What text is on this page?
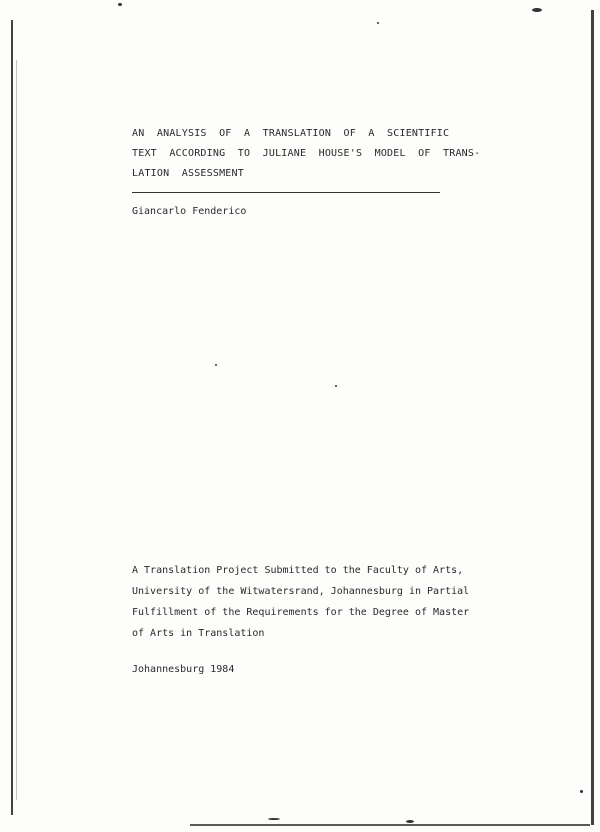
AN  ANALYSIS  OF  A  TRANSLATION  OF  A  SCIENTIFIC
TEXT  ACCORDING  TO  JULIANE  HOUSE'S  MODEL  OF  TRANS-
LATION  ASSESSMENT
Giancarlo Fenderico
A Translation Project Submitted to the Faculty of Arts,
University of the Witwatersrand, Johannesburg in Partial
Fulfillment of the Requirements for the Degree of Master
of Arts in Translation
Johannesburg 1984
